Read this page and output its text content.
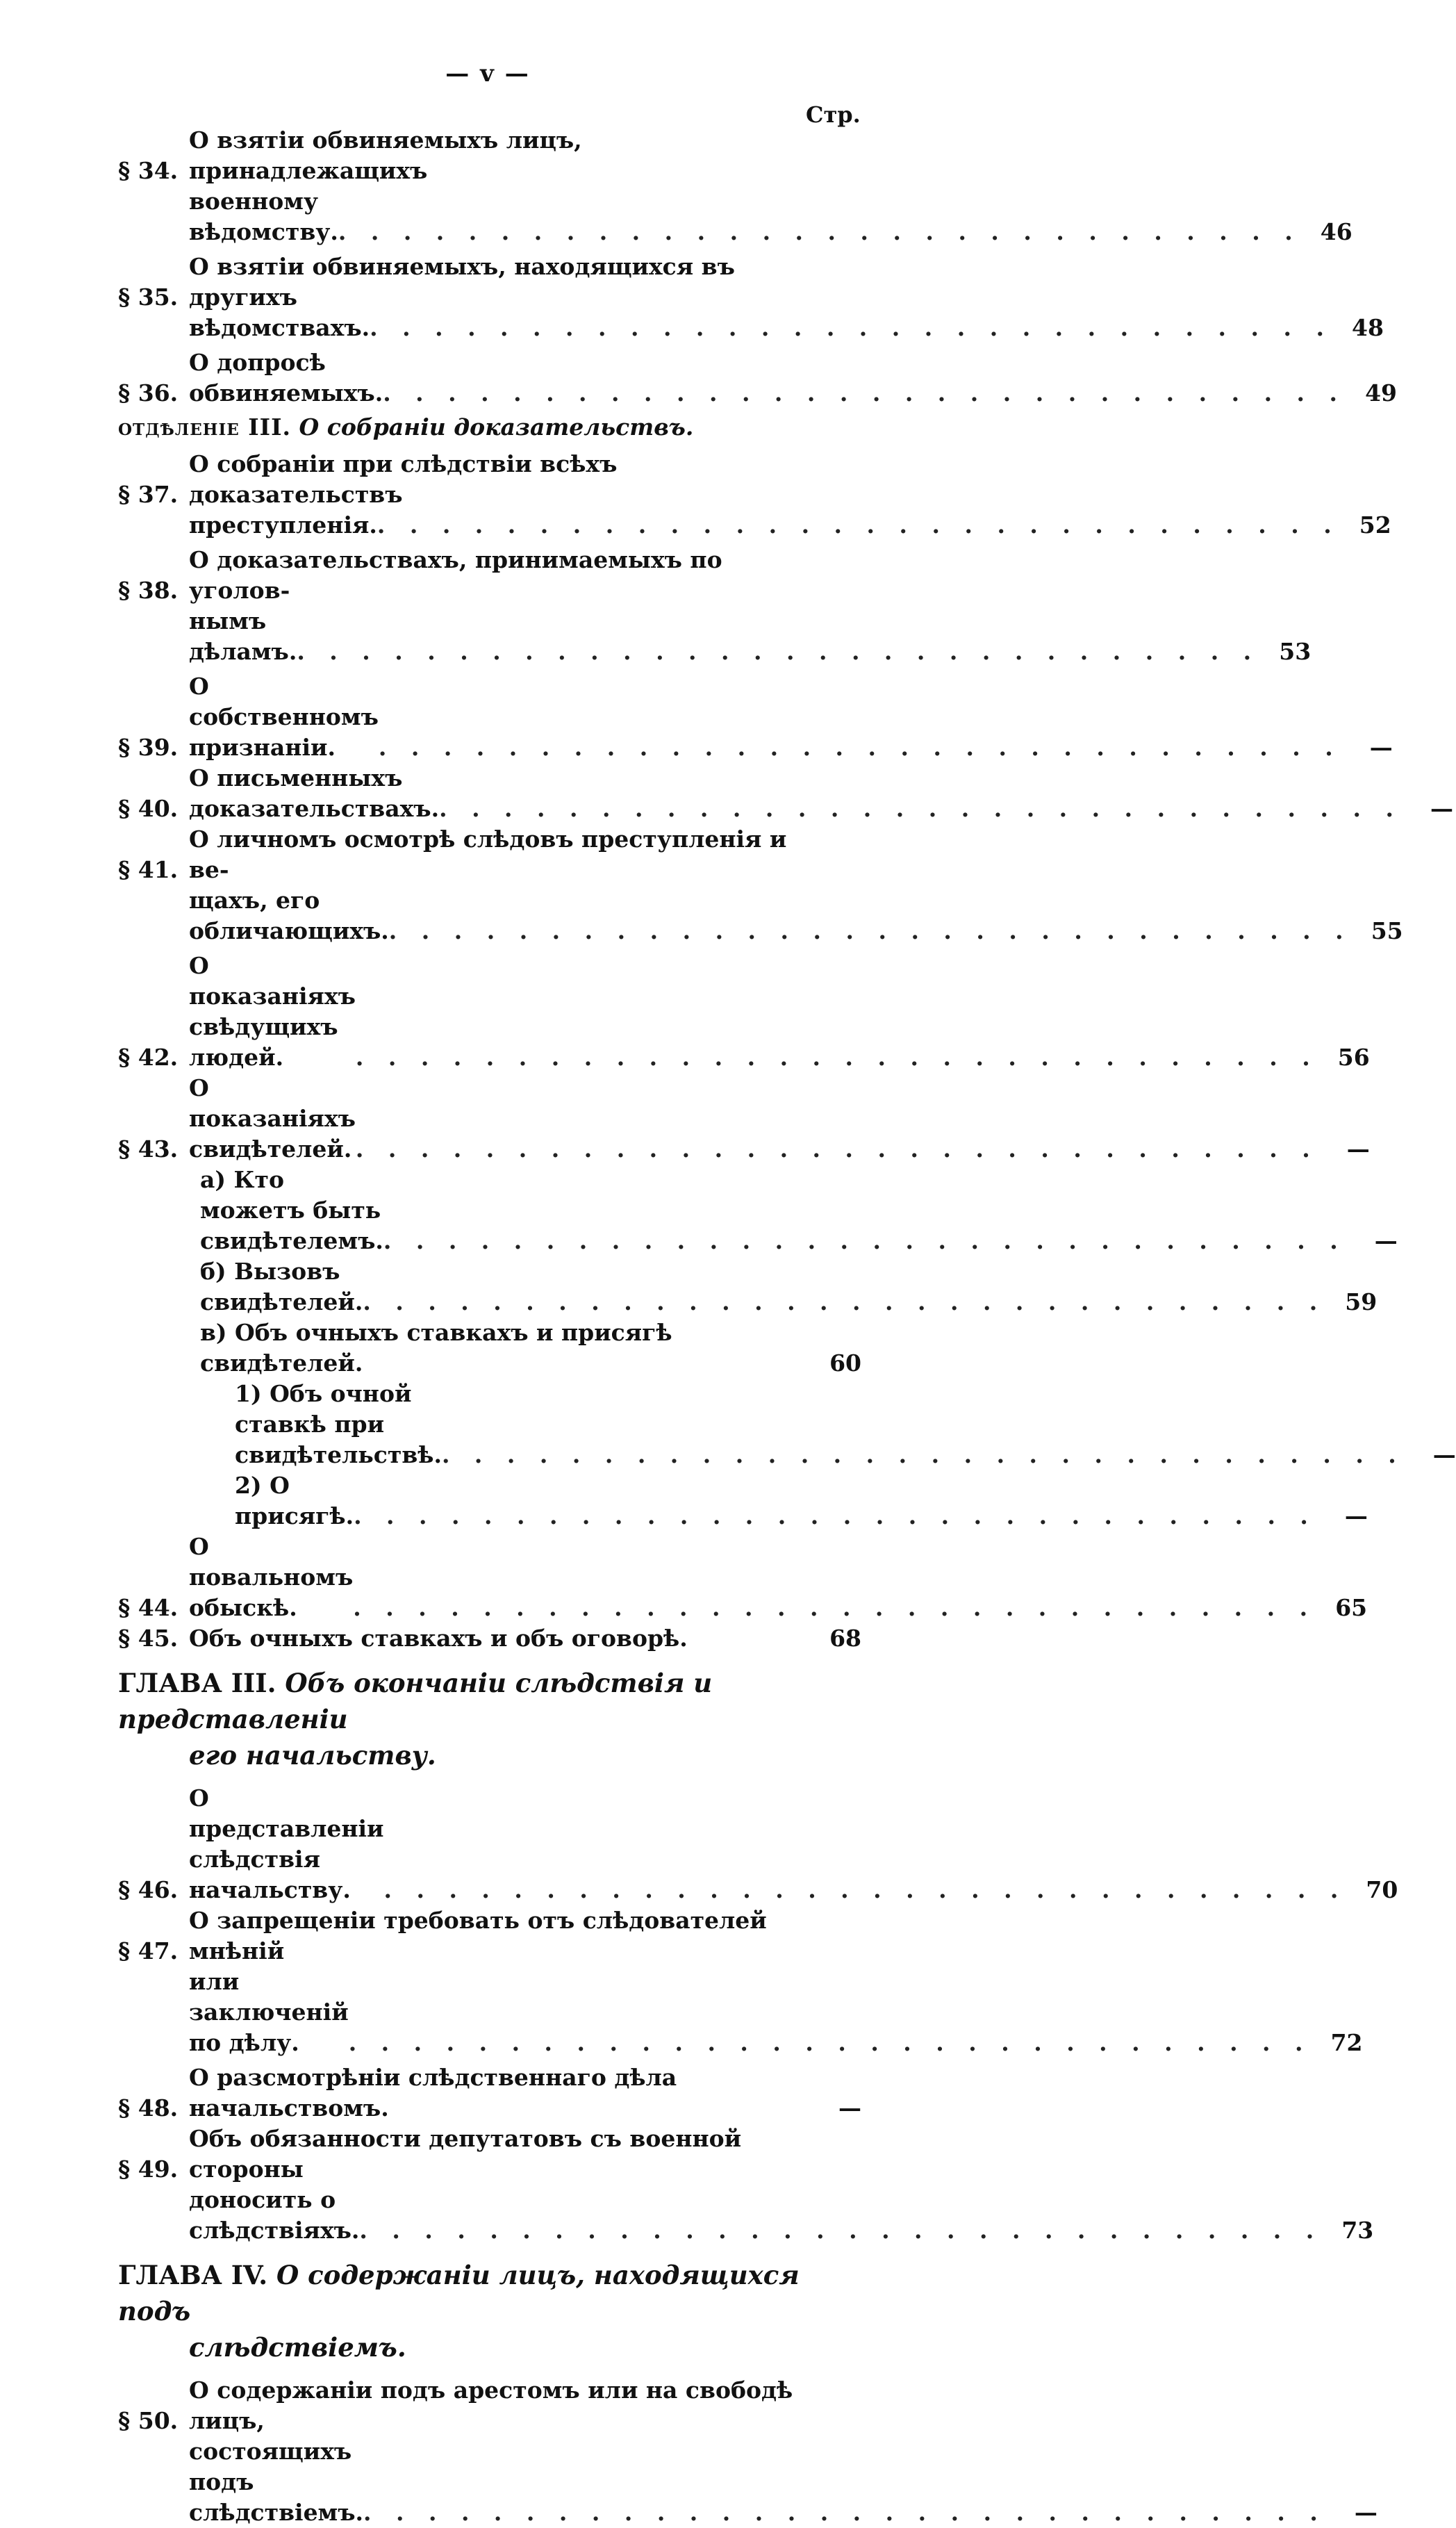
— v —
Стр.
§ 34.
О взятіи обвиняемыхъ лицъ, принадлежащихъ
военному вѣдомству. . . . . . . . . . . . . . . . . . . . . . . . . . . . . . . 46
§ 35.
О взятіи обвиняемыхъ, находящихся въ другихъ
вѣдомствахъ. . . . . . . . . . . . . . . . . . . . . . . . . . . . . . . 48
§ 36.
О допросѣ обвиняемыхъ. . . . . . . . . . . . . . . . . . . . . . . . . . . . . . . 49
отдѣленіе III. О собраніи доказательствъ.
§ 37.
О собраніи при слѣдствіи всѣхъ доказательствъ
преступленія. . . . . . . . . . . . . . . . . . . . . . . . . . . . . . . 52
§ 38.
О доказательствахъ, принимаемыхъ по уголов-
нымъ дѣламъ. . . . . . . . . . . . . . . . . . . . . . . . . . . . . . . 53
§ 39.
О собственномъ признаніи.	. . . . . . . . . . . . . . . . . . . . . . . . . . . . . .	—
§ 40.
О письменныхъ доказательствахъ. . . . . . . . . . . . . . . . . . . . . . . . . . . . . . .	—
§ 41.
О личномъ осмотрѣ слѣдовъ преступленія и ве-
щахъ, его обличающихъ. . . . . . . . . . . . . . . . . . . . . . . . . . . . . . . 55
§ 42.
О показаніяхъ свѣдущихъ людей.	. . . . . . . . . . . . . . . . . . . . . . . . . . . . . . 56
§ 43.
О показаніяхъ свидѣтелей. . . . . . . . . . . . . . . . . . . . . . . . . . . . . . .	—
а) Кто можетъ быть свидѣтелемъ. . . . . . . . . . . . . . . . . . . . . . . . . . . . . . .	—
б) Вызовъ свидѣтелей. . . . . . . . . . . . . . . . . . . . . . . . . . . . . . . 59
в) Объ очныхъ ставкахъ и присягѣ свидѣтелей.	60
1) Объ очной ставкѣ при свидѣтельствѣ. . . . . . . . . . . . . . . . . . . . . . . . . . . . . . .	—
2) О присягѣ. . . . . . . . . . . . . . . . . . . . . . . . . . . . . . .	—
§ 44.
О повальномъ обыскѣ.	. . . . . . . . . . . . . . . . . . . . . . . . . . . . . . 65
§ 45. Объ очныхъ ставкахъ и объ оговорѣ.	68
ГЛАВА III. Объ окончаніи слѣдствія и представленіи
его начальству.
§ 46.
О представленіи слѣдствія начальству.	. . . . . . . . . . . . . . . . . . . . . . . . . . . . . . 70
§ 47.
О запрещеніи требовать отъ слѣдователей мнѣній
или заключеній по дѣлу.	. . . . . . . . . . . . . . . . . . . . . . . . . . . . . . 72
§ 48.
О разсмотрѣніи слѣдственнаго дѣла начальствомъ.	—
§ 49.
Объ обязанности депутатовъ съ военной стороны
доносить о слѣдствіяхъ. . . . . . . . . . . . . . . . . . . . . . . . . . . . . . . 73
ГЛАВА IV. О содержаніи лицъ, находящихся подъ
слѣдствіемъ.
§ 50.
О содержаніи подъ арестомъ или на свободѣ лицъ,
состоящихъ подъ слѣдствіемъ. . . . . . . . . . . . . . . . . . . . . . . . . . . . . . .	—
